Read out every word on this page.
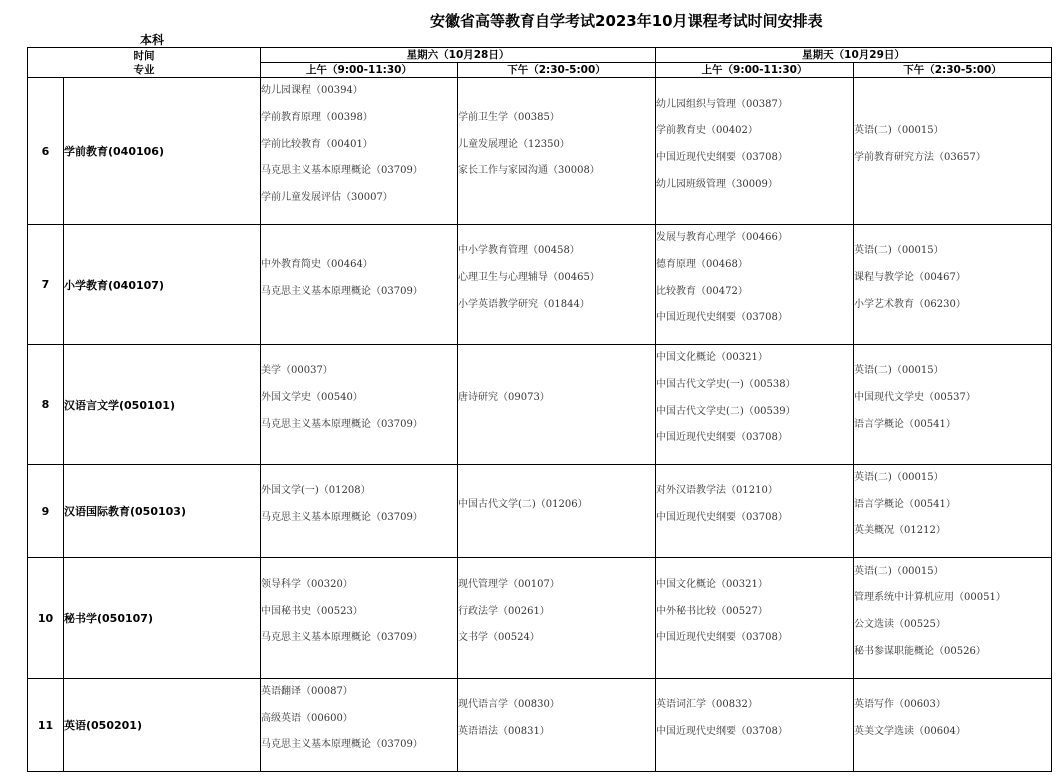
安徽省高等教育自学考试2023年10月课程考试时间安排表
本科
时间
专业		星期六（10月28日）		星期天（10月29日）	
		上午（9:00-11:30）	下午（2:30-5:00）	上午（9:00-11:30）	下午（2:30-5:00）
6	学前教育(040106)	幼儿园课程（00394）
学前教育原理（00398）
学前比较教育（00401）
马克思主义基本原理概论（03709）
学前儿童发展评估（30007）	学前卫生学（00385）
儿童发展理论（12350）
家长工作与家园沟通（30008）	幼儿园组织与管理（00387）
学前教育史（00402）
中国近现代史纲要（03708）
幼儿园班级管理（30009）	英语(二)（00015）
学前教育研究方法（03657）

7	小学教育(040107)	中外教育简史（00464）
马克思主义基本原理概论（03709）	中小学教育管理（00458）
心理卫生与心理辅导（00465）
小学英语教学研究（01844）	发展与教育心理学（00466）
德育原理（00468）
比较教育（00472）
中国近现代史纲要（03708）	英语(二)（00015）
课程与教学论（00467）
小学艺术教育（06230）

8	汉语言文学(050101)	美学（00037）
外国文学史（00540）
马克思主义基本原理概论（03709）	唐诗研究（09073）	中国文化概论（00321）
中国古代文学史(一)（00538）
中国古代文学史(二)（00539）
中国近现代史纲要（03708）	英语(二)（00015）
中国现代文学史（00537）
语言学概论（00541）

9	汉语国际教育(050103)	外国文学(一)（01208）
马克思主义基本原理概论（03709）	中国古代文学(二)（01206）	对外汉语教学法（01210）
中国近现代史纲要（03708）	英语(二)（00015）
语言学概论（00541）
英美概况（01212）

10	秘书学(050107)	领导科学（00320）
中国秘书史（00523）
马克思主义基本原理概论（03709）	现代管理学（00107）
行政法学（00261）
文书学（00524）	中国文化概论（00321）
中外秘书比较（00527）
中国近现代史纲要（03708）	英语(二)（00015）
管理系统中计算机应用（00051）
公文选读（00525）
秘书参谋职能概论（00526）

11	英语(050201)	英语翻译（00087）
高级英语（00600）
马克思主义基本原理概论（03709）	现代语言学（00830）
英语语法（00831）	英语词汇学（00832）
中国近现代史纲要（03708）	英语写作（00603）
英美文学选读（00604）
